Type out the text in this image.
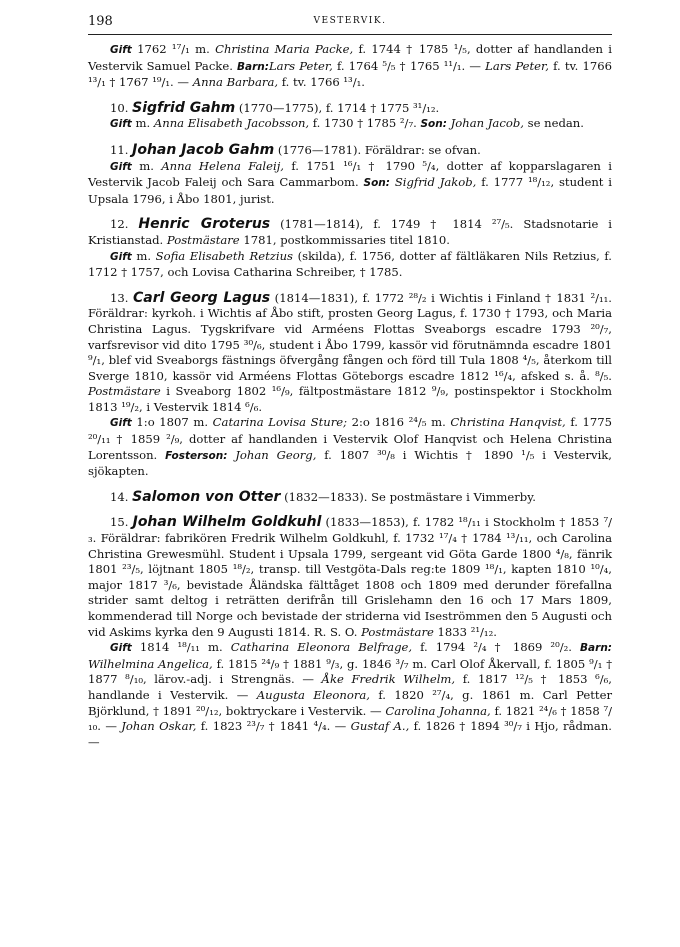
198	VESTERVIK.

Gift 1762 ¹⁷/₁ m. Christina Maria Packe, f. 1744 † 1785 ¹/₅, dotter af handlanden i Vestervik Samuel Packe. Barn:Lars Peter, f. 1764 ⁵/₅ † 1765 ¹¹/₁. — Lars Peter, f. tv. 1766 ¹³/₁ † 1767 ¹⁹/₁. — Anna Barbara, f. tv. 1766 ¹³/₁.

10. Sigfrid Gahm (1770—1775), f. 1714 † 1775 ³¹/₁₂.

Gift m. Anna Elisabeth Jacobsson, f. 1730 † 1785 ²/₇. Son: Johan Jacob, se nedan.

11. Johan Jacob Gahm (1776—1781). Föräldrar: se ofvan.

Gift m. Anna Helena Faleij, f. 1751 ¹⁶/₁ † 1790 ⁵/₄, dotter af kopparslagaren i Vestervik Jacob Faleij och Sara Cammarbom. Son: Sigfrid Jakob, f. 1777 ¹⁸/₁₂, student i Upsala 1796, i Åbo 1801, jurist.

12. Henric Groterus (1781—1814), f. 1749 † 1814 ²⁷/₅. Stadsnotarie i Kristianstad. Postmästare 1781, postkommissaries titel 1810.

Gift m. Sofia Elisabeth Retzius (skilda), f. 1756, dotter af fältläkaren Nils Retzius, f. 1712 † 1757, och Lovisa Catharina Schreiber, † 1785.

13. Carl Georg Lagus (1814—1831), f. 1772 ²⁸/₂ i Wichtis i Finland † 1831 ²/₁₁. Föräldrar: kyrkoh. i Wichtis af Åbo stift, prosten Georg Lagus, f. 1730 † 1793, och Maria Christina Lagus. Tygskrifvare vid Arméens Flottas Sveaborgs escadre 1793 ²⁰/₇, varfsrevisor vid dito 1795 ³⁰/₆, student i Åbo 1799, kassör vid förutnämnda escadre 1801 ⁹/₁, blef vid Sveaborgs fästnings öfvergång fången och förd till Tula 1808 ⁴/₅, återkom till Sverge 1810, kassör vid Arméens Flottas Göteborgs escadre 1812 ¹⁶/₄, afsked s. å. ⁸/₅. Postmästare i Sveaborg 1802 ¹⁶/₉, fältpostmästare 1812 ⁹/₉, postinspektor i Stockholm 1813 ¹⁹/₂, i Vestervik 1814 ⁶/₆.

Gift 1:o 1807 m. Catarina Lovisa Sture; 2:o 1816 ²⁴/₅ m. Christina Hanqvist, f. 1775 ²⁰/₁₁ † 1859 ²/₉, dotter af handlanden i Vestervik Olof Hanqvist och Helena Christina Lorentsson. Fosterson: Johan Georg, f. 1807 ³⁰/₈ i Wichtis † 1890 ¹/₅ i Vestervik, sjökapten.

14. Salomon von Otter (1832—1833). Se postmästare i Vimmerby.

15. Johan Wilhelm Goldkuhl (1833—1853), f. 1782 ¹⁸/₁₁ i Stockholm † 1853 ⁷/₃. Föräldrar: fabrikören Fredrik Wilhelm Goldkuhl, f. 1732 ¹⁷/₄ † 1784 ¹³/₁₁, och Carolina Christina Grewesmühl. Student i Upsala 1799, sergeant vid Göta Garde 1800 ⁴/₈, fänrik 1801 ²³/₅, löjtnant 1805 ¹⁸/₂, transp. till Vestgöta-Dals reg:te 1809 ¹⁸/₁, kapten 1810 ¹⁰/₄, major 1817 ³/₆, bevistade Åländska fälttåget 1808 och 1809 med derunder förefallna strider samt deltog i reträtten derifrån till Grislehamn den 16 och 17 Mars 1809, kommenderad till Norge och bevistade der striderna vid Iseströmmen den 5 Augusti och vid Askims kyrka den 9 Augusti 1814. R. S. O. Postmästare 1833 ²¹/₁₂.

Gift 1814 ¹⁸/₁₁ m. Catharina Eleonora Belfrage, f. 1794 ²/₄ † 1869 ²⁰/₂. Barn: Wilhelmina Angelica, f. 1815 ²⁴/₉ † 1881 ⁹/₃, g. 1846 ³/₇ m. Carl Olof Åkervall, f. 1805 ⁹/₁ † 1877 ⁸/₁₀, lärov.-adj. i Strengnäs. — Åke Fredrik Wilhelm, f. 1817 ¹²/₅ † 1853 ⁶/₆, handlande i Vestervik. — Augusta Eleonora, f. 1820 ²⁷/₄, g. 1861 m. Carl Petter Björklund, † 1891 ²⁰/₁₂, boktryckare i Vestervik. — Carolina Johanna, f. 1821 ²⁴/₆ † 1858 ⁷/₁₀. — Johan Oskar, f. 1823 ²³/₇ † 1841 ⁴/₄. — Gustaf A., f. 1826 † 1894 ³⁰/₇ i Hjo, rådman. —
